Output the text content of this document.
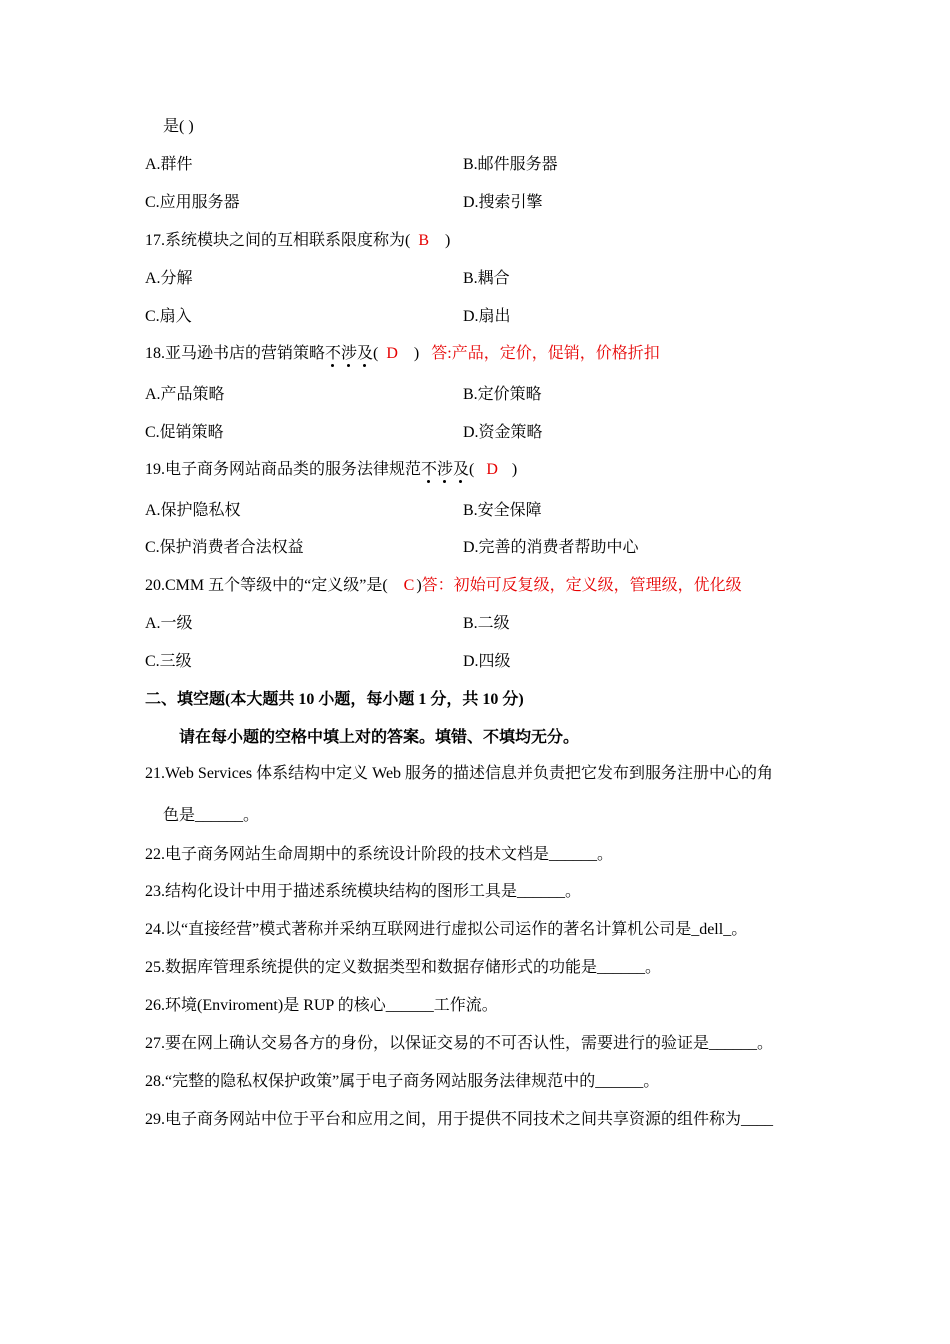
是( )
A.群件	B.邮件服务器
C.应用服务器	D.搜索引擎
17.系统模块之间的互相联系限度称为( B )
A.分解	B.耦合
C.扇入	D.扇出
18.亚马逊书店的营销策略不涉及
( D ) 答:产品，定价，促销，价格折扣
A.产品策略	B.定价策略
C.促销策略	D.资金策略
19.电子商务网站商品类的服务法律规范不涉及
( D )
A.保护隐私权	B.安全保障
C.保护消费者合法权益	D.完善的消费者帮助中心
20.CMM 五个等级中的“定义级”是( C )答：初始可反复级，定义级，管理级，优化级
A.一级	B.二级
C.三级	D.四级
二、填空题(本大题共 10 小题，每小题 1 分，共 10 分)
请在每小题的空格中填上对的答案。填错、不填均无分。
21.Web Services 体系结构中定义 Web 服务的描述信息并负责把它发布到服务注册中心的角
色是______。
22.电子商务网站生命周期中的系统设计阶段的技术文档是______。
23.结构化设计中用于描述系统模块结构的图形工具是______。
24.以“直接经营”模式著称并采纳互联网进行虚拟公司运作的著名计算机公司是_dell_。
25.数据库管理系统提供的定义数据类型和数据存储形式的功能是______。
26.环境(Enviroment)是 RUP 的核心______工作流。
27.要在网上确认交易各方的身份，以保证交易的不可否认性，需要进行的验证是______。
28.“完整的隐私权保护政策”属于电子商务网站服务法律规范中的______。
29.电子商务网站中位于平台和应用之间，用于提供不同技术之间共享资源的组件称为____
